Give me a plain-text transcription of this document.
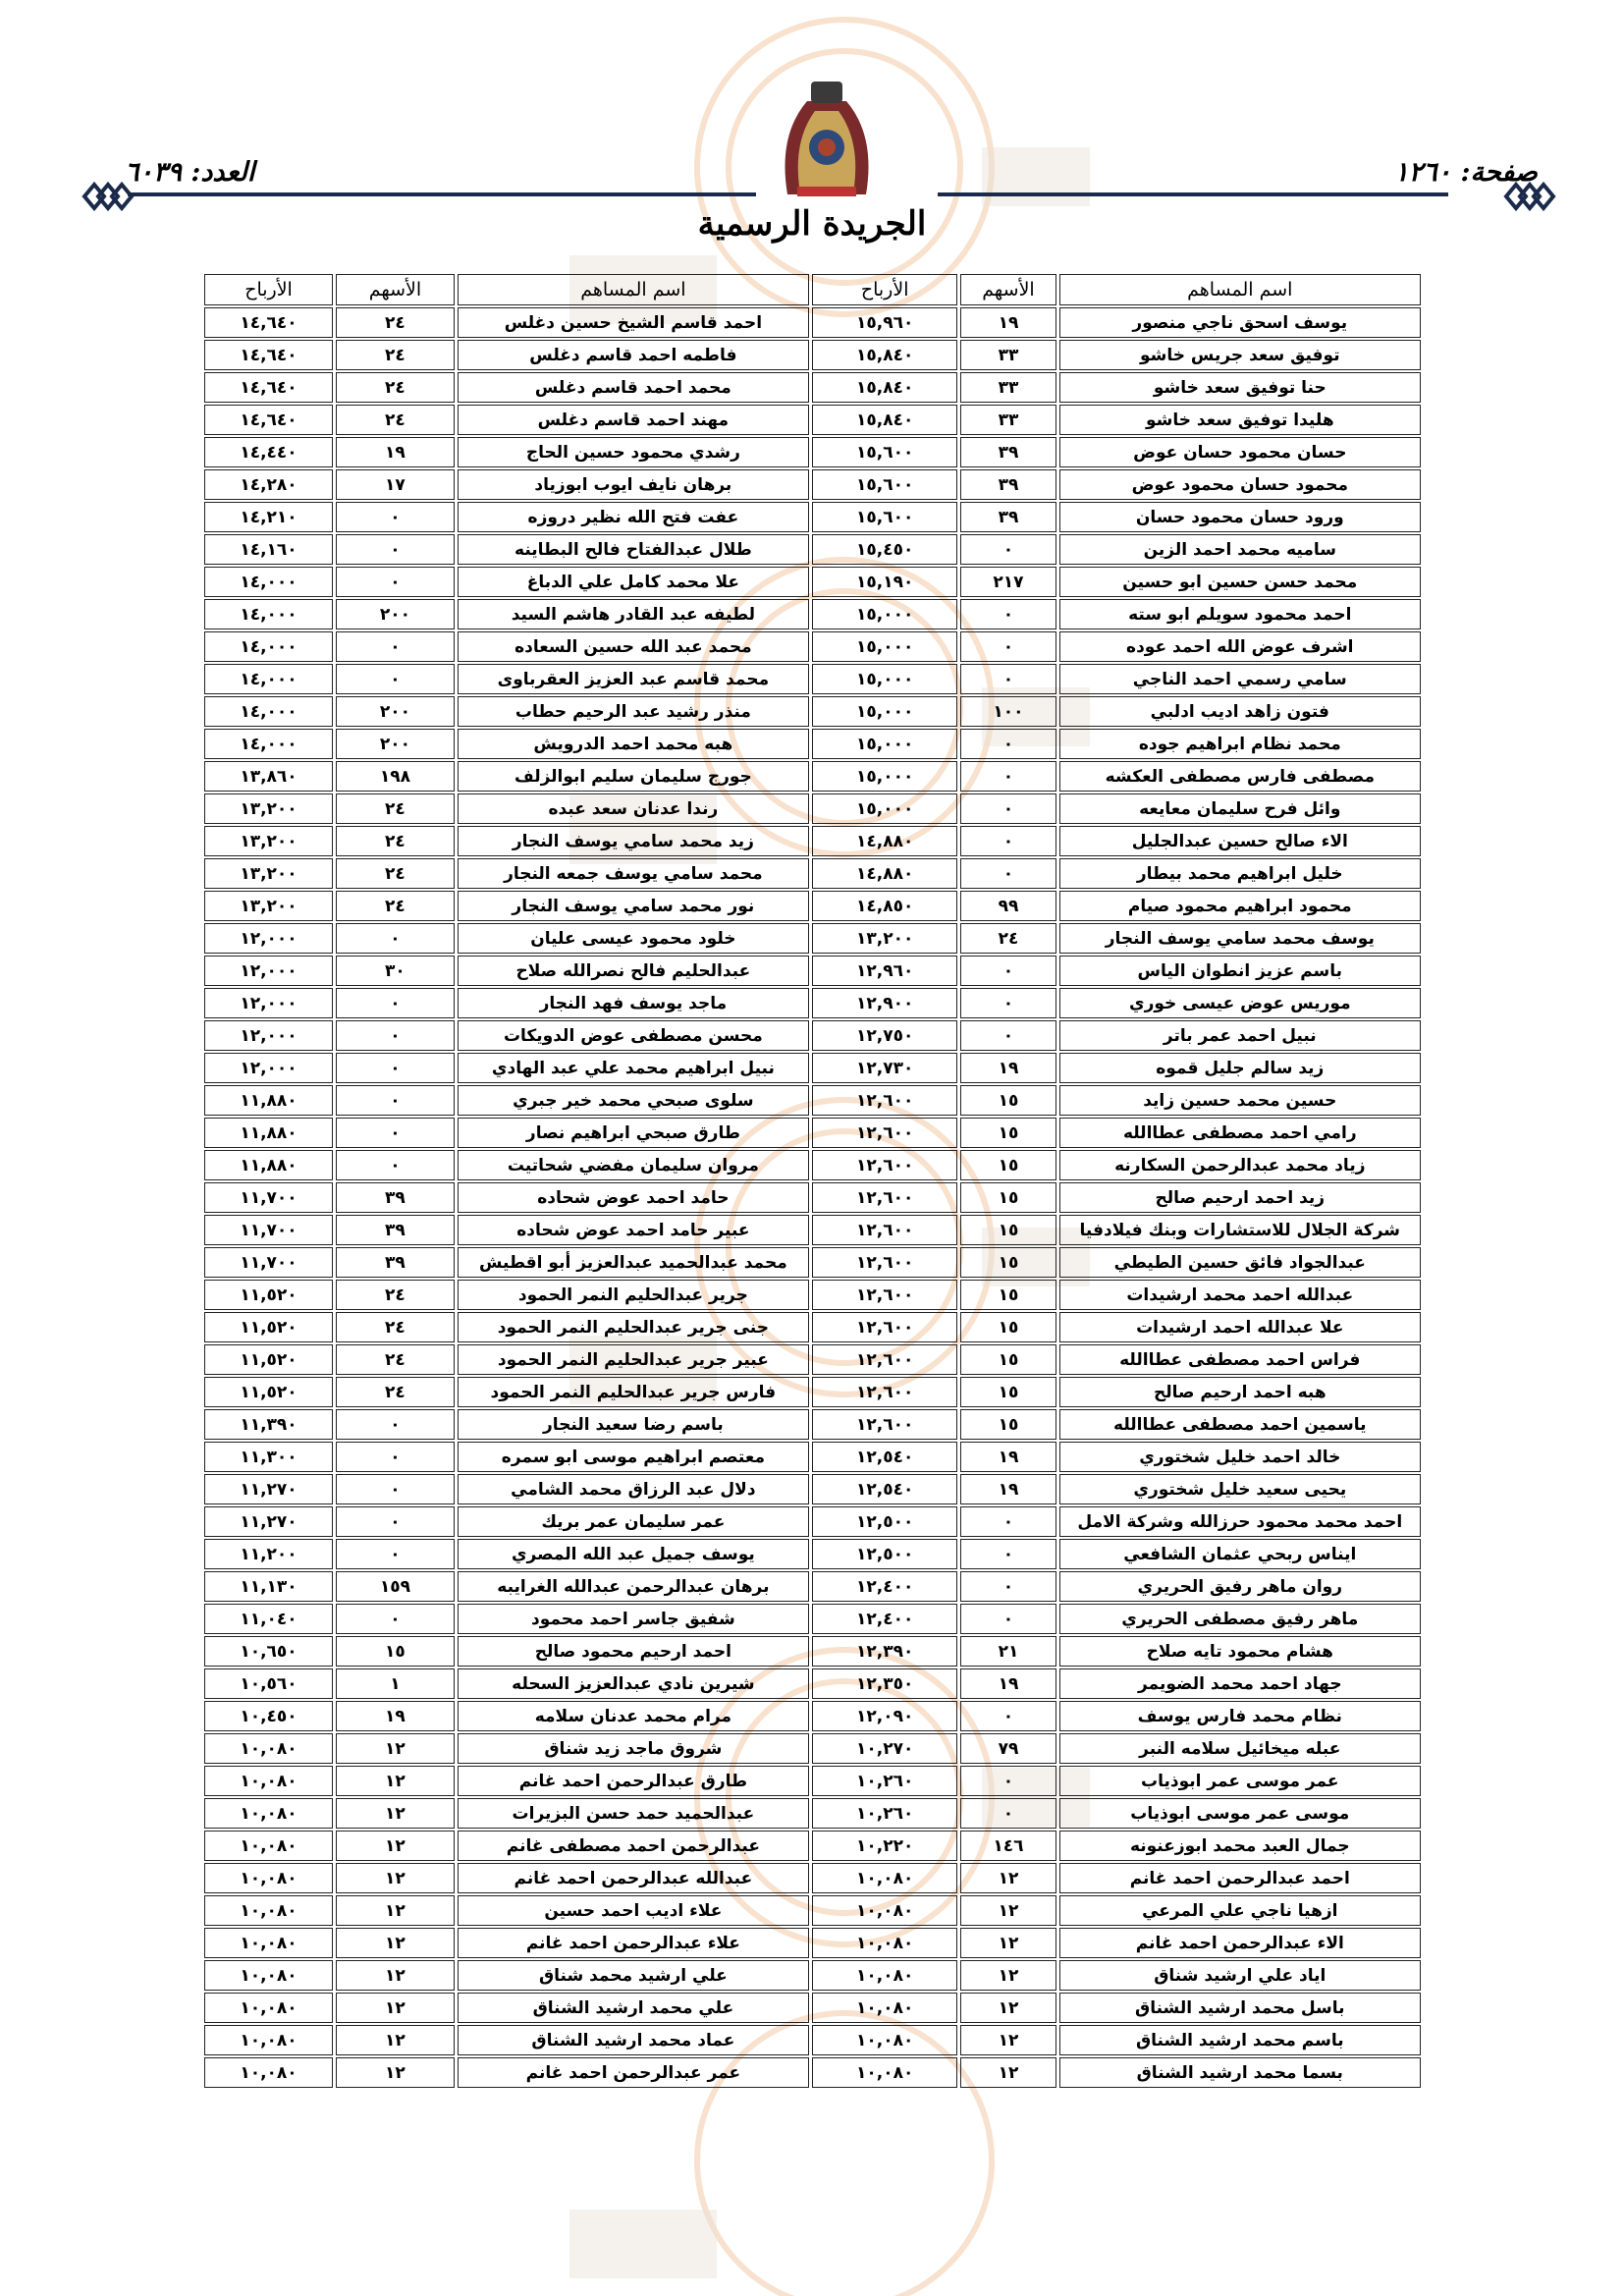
صفحة: ١٢٦٠
العدد: ٦٠٣٩
الجريدة الرسمية
اسم المساهم	الأسهم	الأرباح	اسم المساهم	الأسهم	الأرباح
يوسف اسحق ناجي منصور	١٩	١٥,٩٦٠	احمد قاسم الشيخ حسين دغلس	٢٤	١٤,٦٤٠
توفيق سعد جريس خاشو	٣٣	١٥,٨٤٠	فاطمه احمد قاسم دغلس	٢٤	١٤,٦٤٠
حنا توفيق سعد خاشو	٣٣	١٥,٨٤٠	محمد احمد قاسم دغلس	٢٤	١٤,٦٤٠
هليدا توفيق سعد خاشو	٣٣	١٥,٨٤٠	مهند احمد قاسم دغلس	٢٤	١٤,٦٤٠
حسان محمود حسان عوض	٣٩	١٥,٦٠٠	رشدي محمود حسين الحاج	١٩	١٤,٤٤٠
محمود حسان محمود عوض	٣٩	١٥,٦٠٠	برهان نايف ايوب ابوزياد	١٧	١٤,٢٨٠
ورود حسان محمود حسان	٣٩	١٥,٦٠٠	عفت فتح الله نظير دروزه	٠	١٤,٢١٠
ساميه محمد احمد الزين	٠	١٥,٤٥٠	طلال عبدالفتاح فالح البطاينه	٠	١٤,١٦٠
محمد حسن حسين ابو حسين	٢١٧	١٥,١٩٠	علا محمد كامل علي الدباغ	٠	١٤,٠٠٠
احمد محمود سويلم ابو سته	٠	١٥,٠٠٠	لطيفه عبد القادر هاشم السيد	٢٠٠	١٤,٠٠٠
اشرف عوض الله احمد عوده	٠	١٥,٠٠٠	محمد عبد الله حسين السعاده	٠	١٤,٠٠٠
سامي رسمي احمد الناجي	٠	١٥,٠٠٠	محمد قاسم عبد العزيز العقرباوى	٠	١٤,٠٠٠
فتون زاهد اديب ادلبي	١٠٠	١٥,٠٠٠	منذر رشيد عبد الرحيم حطاب	٢٠٠	١٤,٠٠٠
محمد نظام ابراهيم جوده	٠	١٥,٠٠٠	هبه محمد احمد الدرويش	٢٠٠	١٤,٠٠٠
مصطفى فارس مصطفى العكشه	٠	١٥,٠٠٠	جورج سليمان سليم ابوالزلف	١٩٨	١٣,٨٦٠
وائل فرح سليمان معايعه	٠	١٥,٠٠٠	رندا عدنان سعد عبده	٢٤	١٣,٢٠٠
الاء صالح حسين عبدالجليل	٠	١٤,٨٨٠	زيد محمد سامي يوسف النجار	٢٤	١٣,٢٠٠
خليل ابراهيم محمد بيطار	٠	١٤,٨٨٠	محمد سامي يوسف جمعه النجار	٢٤	١٣,٢٠٠
محمود ابراهيم محمود صيام	٩٩	١٤,٨٥٠	نور محمد سامي يوسف النجار	٢٤	١٣,٢٠٠
يوسف محمد سامي يوسف النجار	٢٤	١٣,٢٠٠	خلود محمود عيسى عليان	٠	١٢,٠٠٠
باسم عزيز انطوان الياس	٠	١٢,٩٦٠	عبدالحليم فالح نصرالله صلاح	٣٠	١٢,٠٠٠
موريس عوض عيسى خوري	٠	١٢,٩٠٠	ماجد يوسف فهد النجار	٠	١٢,٠٠٠
نبيل احمد عمر باتر	٠	١٢,٧٥٠	محسن مصطفى عوض الدويكات	٠	١٢,٠٠٠
زيد سالم جليل قموه	١٩	١٢,٧٣٠	نبيل ابراهيم محمد علي عبد الهادي	٠	١٢,٠٠٠
حسين محمد حسين زايد	١٥	١٢,٦٠٠	سلوى صبحي محمد خير جبري	٠	١١,٨٨٠
رامي احمد مصطفى عطاالله	١٥	١٢,٦٠٠	طارق صبحي ابراهيم نصار	٠	١١,٨٨٠
زياد محمد عبدالرحمن السكارنه	١٥	١٢,٦٠٠	مروان سليمان مفضي شحاتيت	٠	١١,٨٨٠
زيد احمد ارحيم صالح	١٥	١٢,٦٠٠	حامد احمد عوض شحاده	٣٩	١١,٧٠٠
شركة الجلال للاستشارات وبنك فيلادفيا	١٥	١٢,٦٠٠	عبير حامد احمد عوض شحاده	٣٩	١١,٧٠٠
عبدالجواد فائق حسين الطيطي	١٥	١٢,٦٠٠	محمد عبدالحميد عبدالعزيز أبو اقطيش	٣٩	١١,٧٠٠
عبدالله احمد محمد ارشيدات	١٥	١٢,٦٠٠	جرير عبدالحليم النمر الحمود	٢٤	١١,٥٢٠
علا عبدالله احمد ارشيدات	١٥	١٢,٦٠٠	جنى جرير عبدالحليم النمر الحمود	٢٤	١١,٥٢٠
فراس احمد مصطفى عطاالله	١٥	١٢,٦٠٠	عبير جرير عبدالحليم النمر الحمود	٢٤	١١,٥٢٠
هبه احمد ارحيم صالح	١٥	١٢,٦٠٠	فارس جرير عبدالحليم النمر الحمود	٢٤	١١,٥٢٠
ياسمين احمد مصطفى عطاالله	١٥	١٢,٦٠٠	باسم رضا سعيد النجار	٠	١١,٣٩٠
خالد احمد خليل شختوري	١٩	١٢,٥٤٠	معتصم ابراهيم موسى ابو سمره	٠	١١,٣٠٠
يحيى سعيد خليل شختوري	١٩	١٢,٥٤٠	دلال عبد الرزاق محمد الشامي	٠	١١,٢٧٠
احمد محمد محمود حرزالله وشركة الامل	٠	١٢,٥٠٠	عمر سليمان عمر بريك	٠	١١,٢٧٠
ايناس ربحي عثمان الشافعي	٠	١٢,٥٠٠	يوسف جميل عبد الله المصري	٠	١١,٢٠٠
روان ماهر رفيق الحريري	٠	١٢,٤٠٠	برهان عبدالرحمن عبدالله الغرايبه	١٥٩	١١,١٣٠
ماهر رفيق مصطفى الحريري	٠	١٢,٤٠٠	شفيق جاسر احمد محمود	٠	١١,٠٤٠
هشام محمود تايه صلاح	٢١	١٢,٣٩٠	احمد ارحيم محمود صالح	١٥	١٠,٦٥٠
جهاد احمد محمد الضويمر	١٩	١٢,٣٥٠	شيرين نادي عبدالعزيز السحله	١	١٠,٥٦٠
نظام محمد فارس يوسف	٠	١٢,٠٩٠	مرام محمد عدنان سلامه	١٩	١٠,٤٥٠
عبله ميخائيل سلامه النبر	٧٩	١٠,٢٧٠	شروق ماجد زيد شناق	١٢	١٠,٠٨٠
عمر موسى عمر ابوذياب	٠	١٠,٢٦٠	طارق عبدالرحمن احمد غانم	١٢	١٠,٠٨٠
موسى عمر موسى ابوذياب	٠	١٠,٢٦٠	عبدالحميد حمد حسن البزيرات	١٢	١٠,٠٨٠
جمال العبد محمد ابوزعنونه	١٤٦	١٠,٢٢٠	عبدالرحمن احمد مصطفى غانم	١٢	١٠,٠٨٠
احمد عبدالرحمن احمد غانم	١٢	١٠,٠٨٠	عبدالله عبدالرحمن احمد غانم	١٢	١٠,٠٨٠
ازهيا ناجي علي المرعي	١٢	١٠,٠٨٠	علاء اديب احمد حسين	١٢	١٠,٠٨٠
الاء عبدالرحمن احمد غانم	١٢	١٠,٠٨٠	علاء عبدالرحمن احمد غانم	١٢	١٠,٠٨٠
اياد علي ارشيد شناق	١٢	١٠,٠٨٠	علي ارشيد محمد شناق	١٢	١٠,٠٨٠
باسل محمد ارشيد الشناق	١٢	١٠,٠٨٠	علي محمد ارشيد الشناق	١٢	١٠,٠٨٠
باسم محمد ارشيد الشناق	١٢	١٠,٠٨٠	عماد محمد ارشيد الشناق	١٢	١٠,٠٨٠
بسما محمد ارشيد الشناق	١٢	١٠,٠٨٠	عمر عبدالرحمن احمد غانم	١٢	١٠,٠٨٠
